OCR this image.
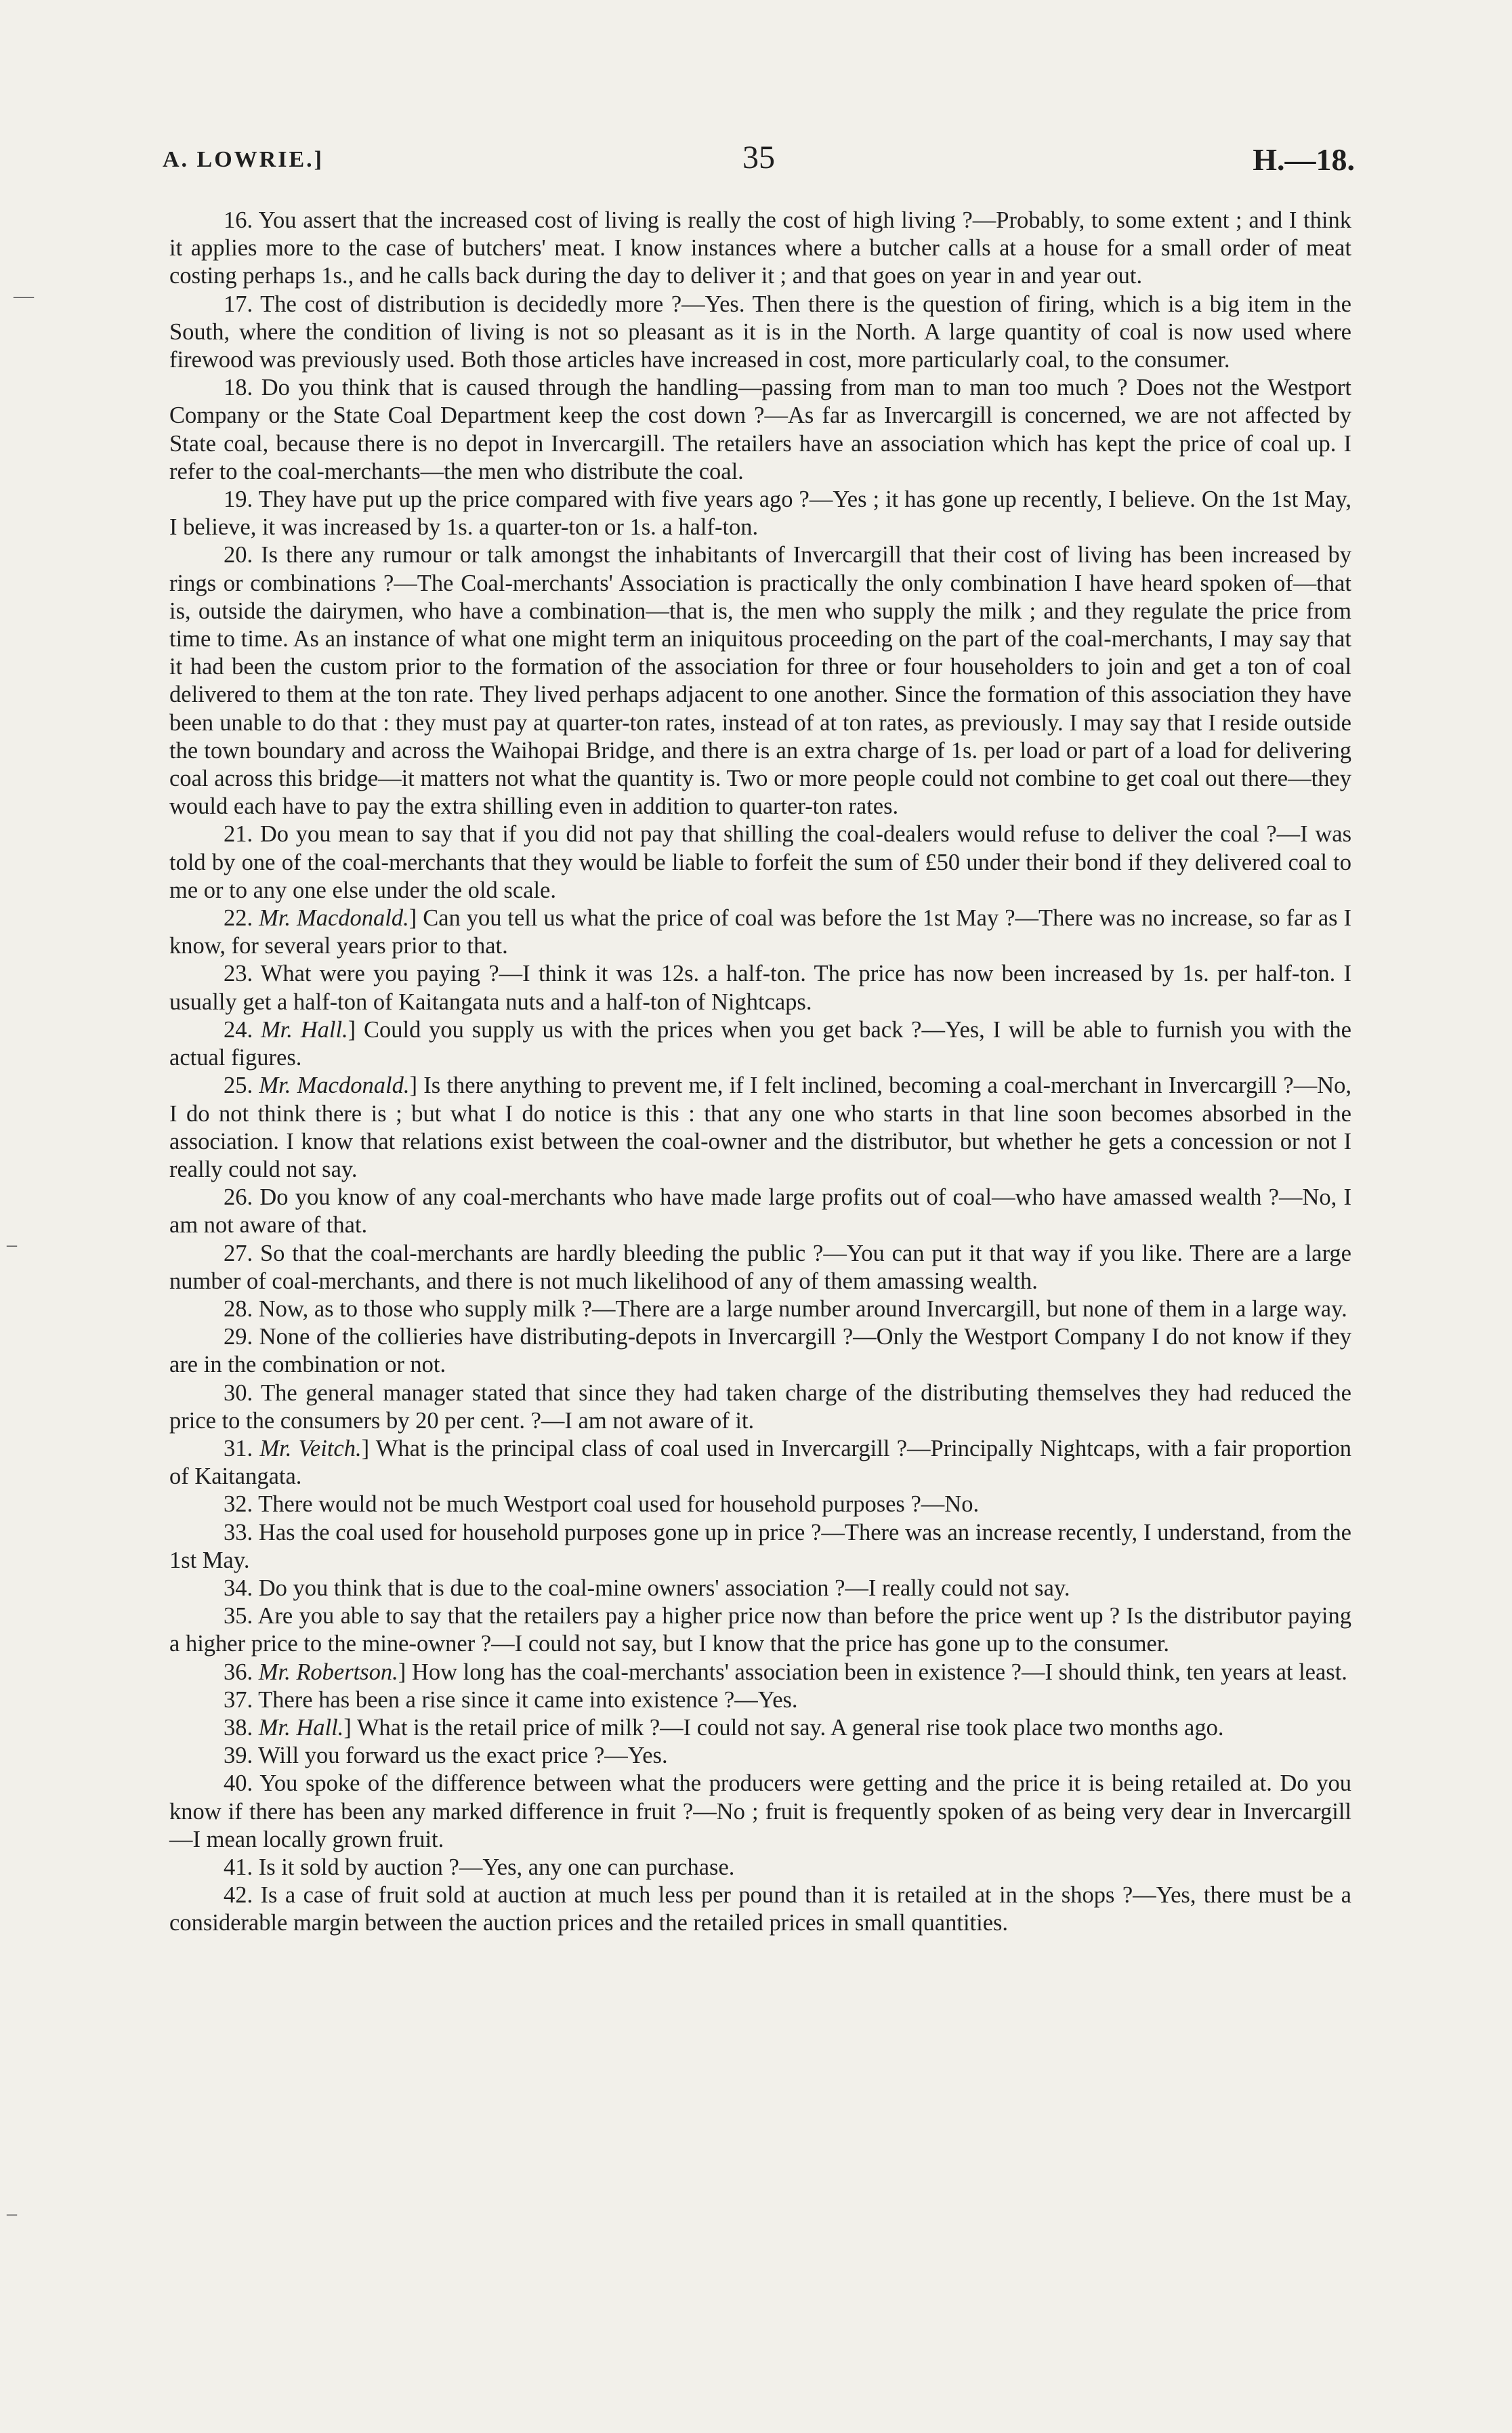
A. LOWRIE.]	35	H.—18.
—
–
–

16. You assert that the increased cost of living is really the cost of high living ?—Probably, to some extent ; and I think it applies more to the case of butchers' meat. I know instances where a butcher calls at a house for a small order of meat costing perhaps 1s., and he calls back during the day to deliver it ; and that goes on year in and year out.

17. The cost of distribution is decidedly more ?—Yes. Then there is the question of firing, which is a big item in the South, where the condition of living is not so pleasant as it is in the North. A large quantity of coal is now used where firewood was previously used. Both those articles have increased in cost, more particularly coal, to the consumer.

18. Do you think that is caused through the handling—passing from man to man too much ? Does not the Westport Company or the State Coal Department keep the cost down ?—As far as Invercargill is concerned, we are not affected by State coal, because there is no depot in Invercargill. The retailers have an association which has kept the price of coal up. I refer to the coal-merchants—the men who distribute the coal.

19. They have put up the price compared with five years ago ?—Yes ; it has gone up recently, I believe. On the 1st May, I believe, it was increased by 1s. a quarter-ton or 1s. a half-ton.

20. Is there any rumour or talk amongst the inhabitants of Invercargill that their cost of living has been increased by rings or combinations ?—The Coal-merchants' Association is practically the only combination I have heard spoken of—that is, outside the dairymen, who have a combination—that is, the men who supply the milk ; and they regulate the price from time to time. As an instance of what one might term an iniquitous proceeding on the part of the coal-merchants, I may say that it had been the custom prior to the formation of the association for three or four householders to join and get a ton of coal delivered to them at the ton rate. They lived perhaps adjacent to one another. Since the formation of this association they have been unable to do that : they must pay at quarter-ton rates, instead of at ton rates, as previously. I may say that I reside outside the town boundary and across the Waihopai Bridge, and there is an extra charge of 1s. per load or part of a load for delivering coal across this bridge—it matters not what the quantity is. Two or more people could not combine to get coal out there—they would each have to pay the extra shilling even in addition to quarter-ton rates.

21. Do you mean to say that if you did not pay that shilling the coal-dealers would refuse to deliver the coal ?—I was told by one of the coal-merchants that they would be liable to forfeit the sum of £50 under their bond if they delivered coal to me or to any one else under the old scale.

22. Mr. Macdonald.] Can you tell us what the price of coal was before the 1st May ?—There was no increase, so far as I know, for several years prior to that.

23. What were you paying ?—I think it was 12s. a half-ton. The price has now been increased by 1s. per half-ton. I usually get a half-ton of Kaitangata nuts and a half-ton of Nightcaps.

24. Mr. Hall.] Could you supply us with the prices when you get back ?—Yes, I will be able to furnish you with the actual figures.

25. Mr. Macdonald.] Is there anything to prevent me, if I felt inclined, becoming a coal-merchant in Invercargill ?—No, I do not think there is ; but what I do notice is this : that any one who starts in that line soon becomes absorbed in the association. I know that relations exist between the coal-owner and the distributor, but whether he gets a concession or not I really could not say.

26. Do you know of any coal-merchants who have made large profits out of coal—who have amassed wealth ?—No, I am not aware of that.

27. So that the coal-merchants are hardly bleeding the public ?—You can put it that way if you like. There are a large number of coal-merchants, and there is not much likelihood of any of them amassing wealth.

28. Now, as to those who supply milk ?—There are a large number around Invercargill, but none of them in a large way.

29. None of the collieries have distributing-depots in Invercargill ?—Only the Westport Company I do not know if they are in the combination or not.

30. The general manager stated that since they had taken charge of the distributing themselves they had reduced the price to the consumers by 20 per cent. ?—I am not aware of it.

31. Mr. Veitch.] What is the principal class of coal used in Invercargill ?—Principally Nightcaps, with a fair proportion of Kaitangata.

32. There would not be much Westport coal used for household purposes ?—No.

33. Has the coal used for household purposes gone up in price ?—There was an increase recently, I understand, from the 1st May.

34. Do you think that is due to the coal-mine owners' association ?—I really could not say.

35. Are you able to say that the retailers pay a higher price now than before the price went up ? Is the distributor paying a higher price to the mine-owner ?—I could not say, but I know that the price has gone up to the consumer.

36. Mr. Robertson.] How long has the coal-merchants' association been in existence ?—I should think, ten years at least.

37. There has been a rise since it came into existence ?—Yes.

38. Mr. Hall.] What is the retail price of milk ?—I could not say. A general rise took place two months ago.

39. Will you forward us the exact price ?—Yes.

40. You spoke of the difference between what the producers were getting and the price it is being retailed at. Do you know if there has been any marked difference in fruit ?—No ; fruit is frequently spoken of as being very dear in Invercargill—I mean locally grown fruit.

41. Is it sold by auction ?—Yes, any one can purchase.

42. Is a case of fruit sold at auction at much less per pound than it is retailed at in the shops ?—Yes, there must be a considerable margin between the auction prices and the retailed prices in small quantities.
